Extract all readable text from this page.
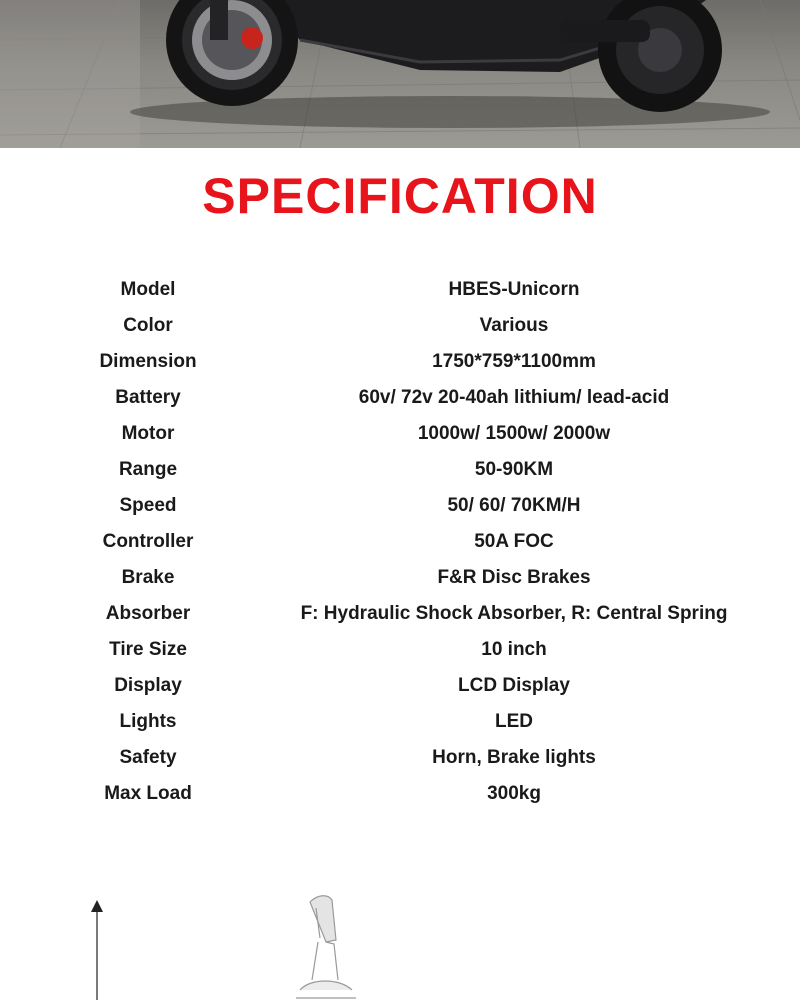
SPECIFICATION
Model	HBES-Unicorn
Color	Various
Dimension	1750*759*1100mm
Battery	60v/ 72v 20-40ah lithium/ lead-acid
Motor	1000w/ 1500w/ 2000w
Range	50-90KM
Speed	50/ 60/ 70KM/H
Controller	50A FOC
Brake	F&R Disc Brakes
Absorber	F: Hydraulic Shock Absorber, R: Central Spring
Tire Size	10 inch
Display	LCD Display
Lights	LED
Safety	Horn, Brake lights
Max Load	300kg
